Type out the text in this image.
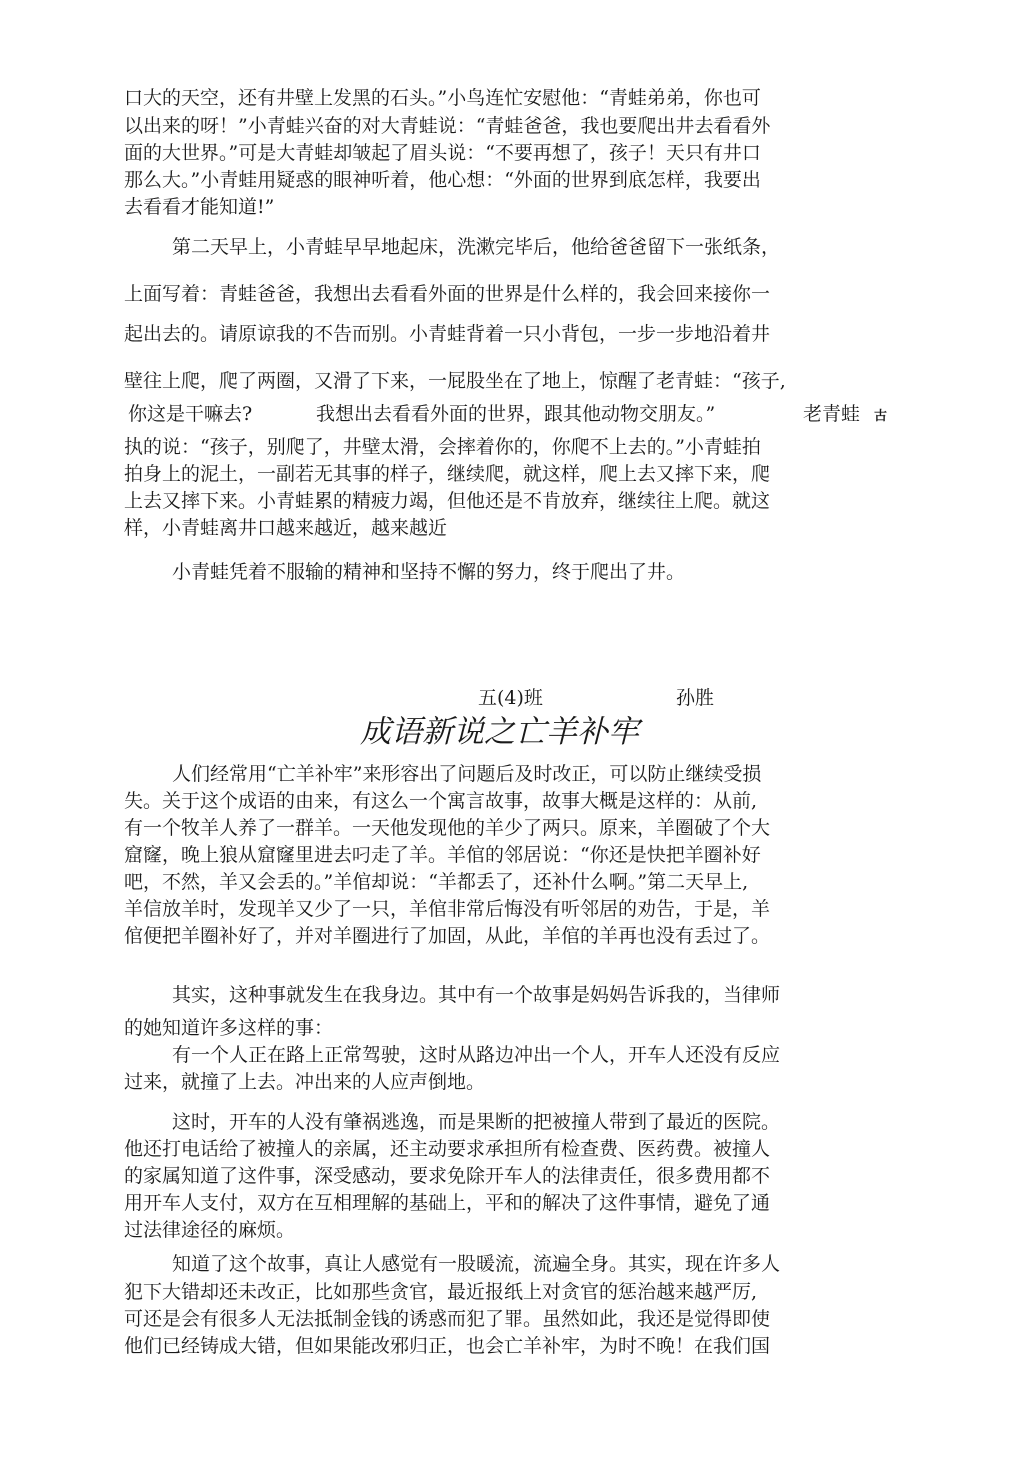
口大的天空，还有井壁上发黑的石头。”小鸟连忙安慰他：“青蛙弟弟，你也可
以出来的呀！”小青蛙兴奋的对大青蛙说：“青蛙爸爸，我也要爬出井去看看外
面的大世界。”可是大青蛙却皱起了眉头说：“不要再想了，孩子！天只有井口
那么大。”小青蛙用疑惑的眼神听着，他心想：“外面的世界到底怎样，我要出
去看看才能知道!”
第二天早上，小青蛙早早地起床，洗漱完毕后，他给爸爸留下一张纸条，
上面写着：青蛙爸爸，我想出去看看外面的世界是什么样的，我会回来接你一
起出去的。请原谅我的不告而别。小青蛙背着一只小背包，一步一步地沿着井
壁往上爬，爬了两圈，又滑了下来，一屁股坐在了地上，惊醒了老青蛙：“孩子,
你这是干嘛去?	我想出去看看外面的世界，跟其他动物交朋友。”	老青蛙 古
执的说：“孩子，别爬了，井壁太滑，会摔着你的，你爬不上去的。”小青蛙拍
拍身上的泥土，一副若无其事的样子，继续爬，就这样，爬上去又摔下来，爬
上去又摔下来。小青蛙累的精疲力竭，但他还是不肯放弃，继续往上爬。就这
样，小青蛙离井口越来越近，越来越近
小青蛙凭着不服输的精神和坚持不懈的努力，终于爬出了井。
五(4)班	孙胜
成语新说之亡羊补牢
人们经常用“亡羊补牢”来形容出了问题后及时改正，可以防止继续受损
失。关于这个成语的由来，有这么一个寓言故事，故事大概是这样的：从前,
有一个牧羊人养了一群羊。一天他发现他的羊少了两只。原来，羊圈破了个大
窟窿，晚上狼从窟窿里进去叼走了羊。羊倌的邻居说：“你还是快把羊圈补好
吧，不然，羊又会丢的。”羊倌却说：“羊都丢了，还补什么啊。”第二天早上,
羊信放羊时，发现羊又少了一只，羊倌非常后悔没有听邻居的劝告，于是，羊
倌便把羊圈补好了，并对羊圈进行了加固，从此，羊倌的羊再也没有丢过了。
其实，这种事就发生在我身边。其中有一个故事是妈妈告诉我的，当律师
的她知道许多这样的事：
有一个人正在路上正常驾驶，这时从路边冲出一个人，开车人还没有反应
过来，就撞了上去。冲出来的人应声倒地。
这时，开车的人没有肇祸逃逸，而是果断的把被撞人带到了最近的医院。
他还打电话给了被撞人的亲属，还主动要求承担所有检查费、医药费。被撞人
的家属知道了这件事，深受感动，要求免除开车人的法律责任，很多费用都不
用开车人支付，双方在互相理解的基础上，平和的解决了这件事情，避免了通
过法律途径的麻烦。
知道了这个故事，真让人感觉有一股暖流，流遍全身。其实，现在许多人
犯下大错却还未改正，比如那些贪官，最近报纸上对贪官的惩治越来越严厉,
可还是会有很多人无法抵制金钱的诱惑而犯了罪。虽然如此，我还是觉得即使
他们已经铸成大错，但如果能改邪归正，也会亡羊补牢，为时不晚！在我们国
